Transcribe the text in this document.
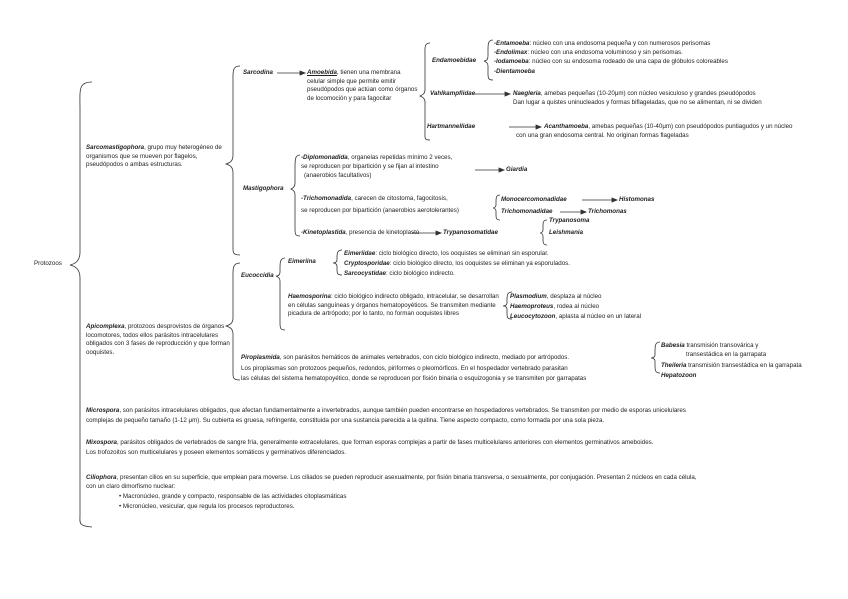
Protozoos
Sarcomastigophora, grupo muy heterogéneo de organismos que se mueven por flagelos, pseudópodos o ambas estructuras.
Sarcodina	Amoebida, tienen una membrana celular simple que permite emitir pseudópodos que actúan como órganos de locomoción y para fagocitar
Endamoebidae
-Entamoeba: núcleo con una endosoma pequeña y con numerosos perisomas
-Endolimax: núcleo con una endosoma voluminoso y sin perisomas.
-Iodamoeba: núcleo con su endosoma rodeado de una capa de glóbulos coloreables
-Dientamoeba
Vahlkampfiidae	Naegleria, amebas pequeñas (10-20μm) con núcleo vesiculoso y grandes pseudópodos
Dan lugar a quistes uninucleados y formas biflageladas, que no se alimentan, ni se dividen
Hartmannellidae	Acanthamoeba, amebas pequeñas (10-40μm) con pseudópodos puntiagudos y un núcleo
con una gran endosoma central. No originan formas flageladas
Mastigophora
-Diplomonadida, organelas repetidas mínimo 2 veces,
se reproducen por bipartición y se fijan al intestino
(anaerobios facultativos)
Giardia
-Trichomonadida, carecen de citostoma, fagocitosis,
se reproducen por bipartición (anaerobios aerotolerantes)
Monocercomonadidae	Histomonas
Trichomonadidae	Trichomonas
-Kinetoplastida, presencia de kinetoplasto	Trypanosomatidae
Trypanosoma
Leishmania
Apicomplexa, protozoos desprovistos de órganos locomotores, todos ellos parásitos intracelulares obligados con 3 fases de reproducción y que forman ooquistes.
Eucoccidia
Eimeriina
Eimeriidae: ciclo biológico directo, los ooquistes se eliminan sin esporular.
Cryptosporidae: ciclo biológico directo, los ooquistes se eliminan ya esporulados.
Sarcocystidae: ciclo biológico indirecto.
Haemosporina: ciclo biológico indirecto obligado, intracelular, se desarrollan en células sanguíneas y órganos hematopoyéticos. Se transmiten mediante picadura de artrópodo; por lo tanto, no forman ooquistes libres
Plasmodium, desplaza al núcleo
Haemoproteus, rodea al núcleo
Leucocytozoon, aplasta al núcleo en un lateral
Piroplasmida, son parásitos hemáticos de animales vertebrados, con ciclo biológico indirecto, mediado por artrópodos.
Los piroplasmas son protozoos pequeños, redondos, piriformes o pleomórficos. En el hospedador vertebrado parasitan
las células del sistema hematopoyético, donde se reproducen por fisión binaria o esquizogonia y se transmiten por garrapatas
Babesia transmisión transovárica y
transestádica en la garrapata
Theileria transmisión transestádica en la garrapata
Hepatozoon
Microspora, son parásitos intracelulares obligados, que afectan fundamentalmente a invertebrados, aunque también pueden encontrarse en hospedadores vertebrados. Se transmiten por medio de esporas unicelulares
complejas de pequeño tamaño (1-12 μm). Su cubierta es gruesa, refringente, constituida por una sustancia parecida a la quitina. Tiene aspecto compacto, como formada por una sola pieza.
Mixospora, parásitos obligados de vertebrados de sangre fría, generalmente extracelulares, que forman esporas complejas a partir de fases multicelulares anteriores con elementos germinativos ameboides.
Los trofozoitos son multicelulares y poseen elementos somáticos y germinativos diferenciados.
Ciliophora, presentan cilios en su superficie, que emplean para moverse. Los ciliados se pueden reproducir asexualmente, por fisión binaria transversa, o sexualmente, por conjugación. Presentan 2 núcleos en cada célula,
con un claro dimorfismo nuclear:
• Macronúcleo, grande y compacto, responsable de las actividades citoplasmáticas
• Micronúcleo, vesicular, que regula los procesos reproductores.
